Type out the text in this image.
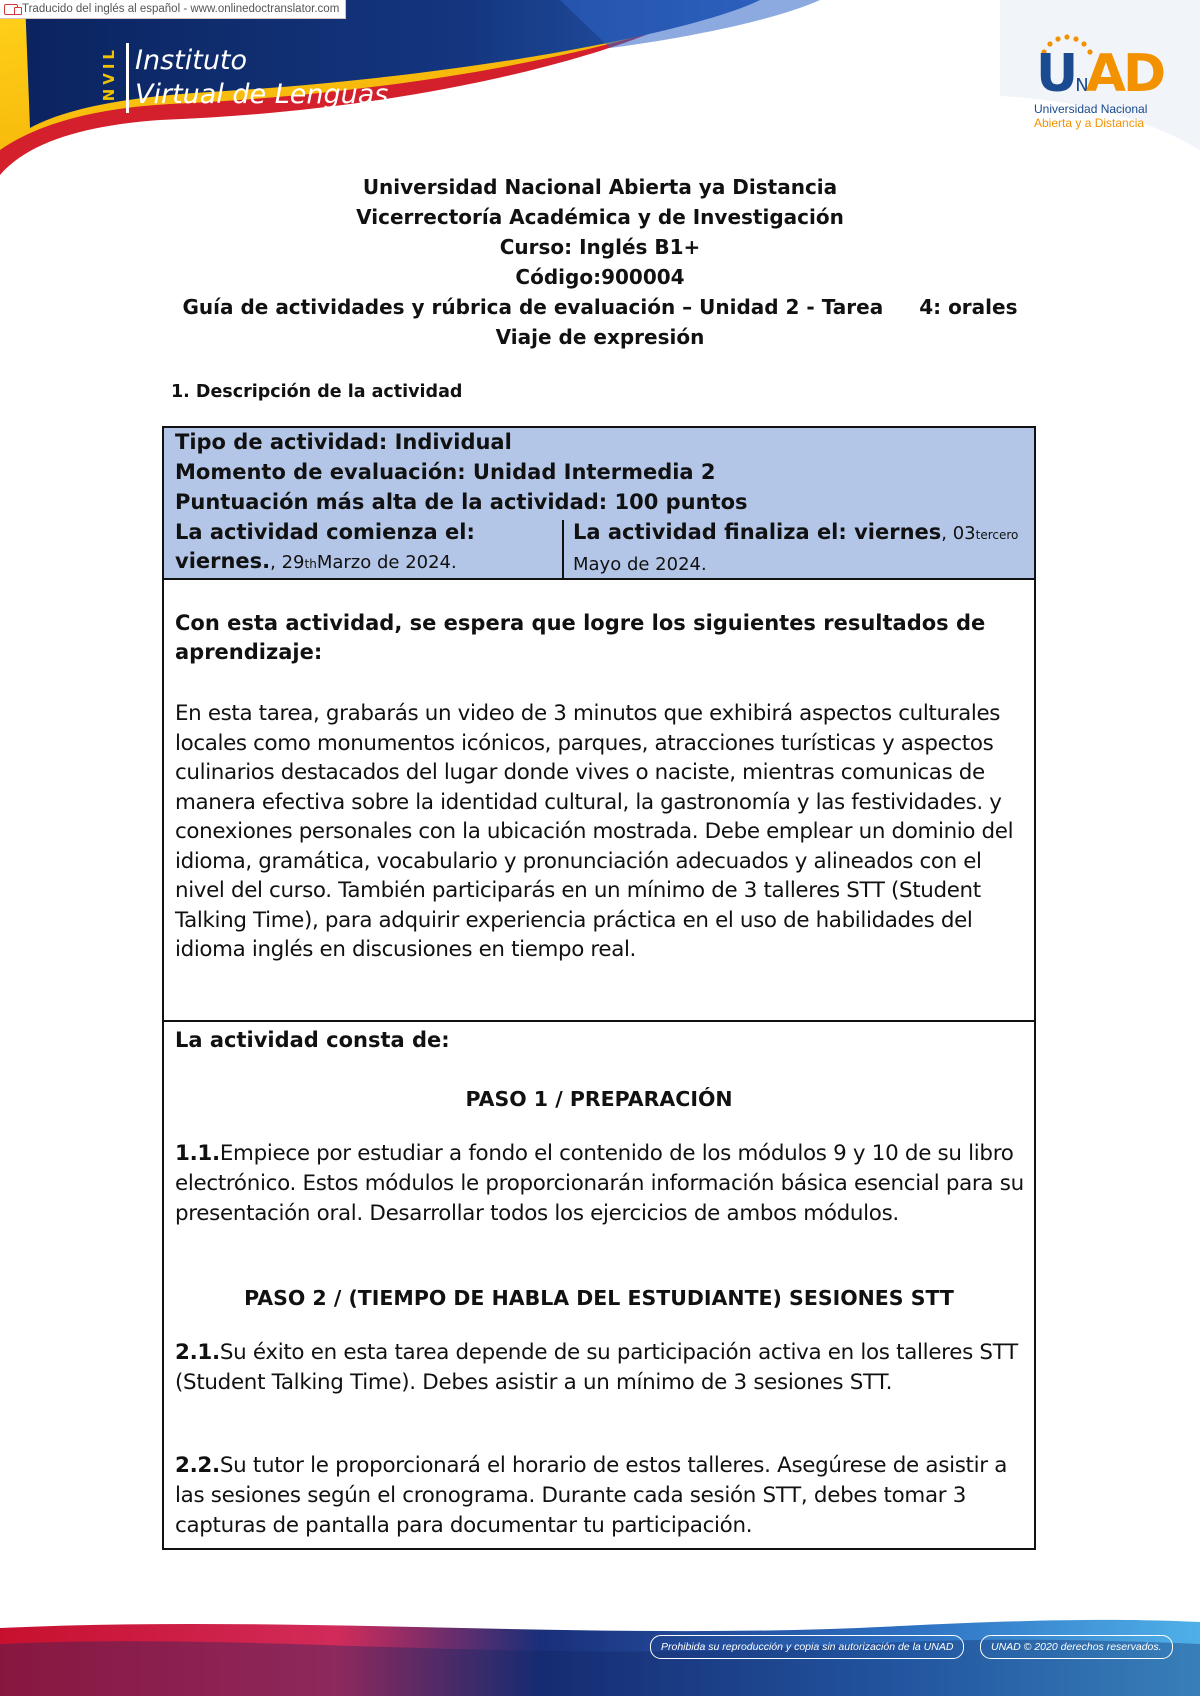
Traducido del inglés al español - www.onlinedoctranslator.com
INVIL Instituto
Virtual de Lenguas	UNAD
Universidad Nacional
Abierta y a Distancia
Universidad Nacional Abierta ya Distancia
Vicerrectoría Académica y de Investigación
Curso: Inglés B1+
Código:900004
Guía de actividades y rúbrica de evaluación – Unidad 2 - Tarea 4: orales
Viaje de expresión
1. Descripción de la actividad
Tipo de actividad: Individual
Momento de evaluación: Unidad Intermedia 2
Puntuación más alta de la actividad: 100 puntos
La actividad comienza el:
viernes., 29thMarzo de 2024.
La actividad finaliza el: viernes, 03tercero
Mayo de 2024.
Con esta actividad, se espera que logre los siguientes resultados de aprendizaje:
En esta tarea, grabarás un video de 3 minutos que exhibirá aspectos culturales locales como monumentos icónicos, parques, atracciones turísticas y aspectos culinarios destacados del lugar donde vives o naciste, mientras comunicas de manera efectiva sobre la identidad cultural, la gastronomía y las festividades. y conexiones personales con la ubicación mostrada. Debe emplear un dominio del idioma, gramática, vocabulario y pronunciación adecuados y alineados con el nivel del curso. También participarás en un mínimo de 3 talleres STT (Student Talking Time), para adquirir experiencia práctica en el uso de habilidades del idioma inglés en discusiones en tiempo real.
La actividad consta de:
PASO 1 / PREPARACIÓN
1.1.Empiece por estudiar a fondo el contenido de los módulos 9 y 10 de su libro electrónico. Estos módulos le proporcionarán información básica esencial para su presentación oral. Desarrollar todos los ejercicios de ambos módulos.
PASO 2 / (TIEMPO DE HABLA DEL ESTUDIANTE) SESIONES STT
2.1.Su éxito en esta tarea depende de su participación activa en los talleres STT (Student Talking Time). Debes asistir a un mínimo de 3 sesiones STT.
2.2.Su tutor le proporcionará el horario de estos talleres. Asegúrese de asistir a las sesiones según el cronograma. Durante cada sesión STT, debes tomar 3 capturas de pantalla para documentar tu participación.
Prohibida su reproducción y copia sin autorización de la UNAD	UNAD © 2020 derechos reservados.
